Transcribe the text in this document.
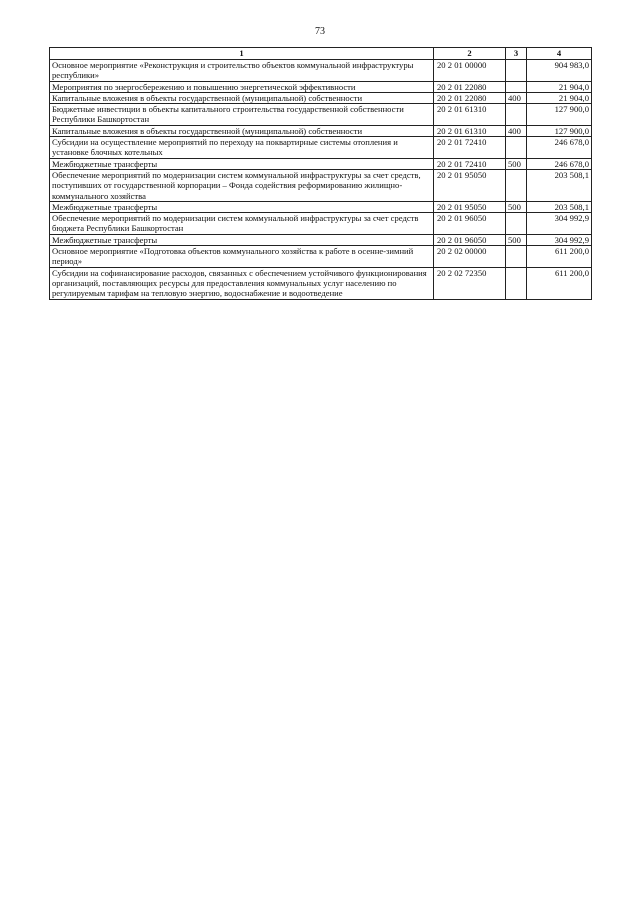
73
1	2	3	4
Основное мероприятие «Реконструкция и строительство объектов коммунальной инфраструктуры республики»	20 2 01 00000		904 983,0
Мероприятия по энергосбережению и повышению энергетической эффективности	20 2 01 22080		21 904,0
Капитальные вложения в объекты государственной (муниципальной) собственности	20 2 01 22080	400	21 904,0
Бюджетные инвестиции в объекты капитального строительства государственной собственности Республики Башкортостан	20 2 01 61310		127 900,0
Капитальные вложения в объекты государственной (муниципальной) собственности	20 2 01 61310	400	127 900,0
Субсидии на осуществление мероприятий по переходу на поквартирные системы отопления и установке блочных котельных	20 2 01 72410		246 678,0
Межбюджетные трансферты	20 2 01 72410	500	246 678,0
Обеспечение мероприятий по модернизации систем коммунальной инфраструктуры за счет средств, поступивших от государственной корпорации – Фонда содействия реформированию жилищно-коммунального хозяйства	20 2 01 95050		203 508,1
Межбюджетные трансферты	20 2 01 95050	500	203 508,1
Обеспечение мероприятий по модернизации систем коммунальной инфраструктуры за счет средств бюджета Республики Башкортостан	20 2 01 96050		304 992,9
Межбюджетные трансферты	20 2 01 96050	500	304 992,9
Основное мероприятие «Подготовка объектов коммунального хозяйства к работе в осенне-зимний период»	20 2 02 00000		611 200,0
Субсидии на софинансирование расходов, связанных с обеспечением устойчивого функционирования организаций, поставляющих ресурсы для предоставления коммунальных услуг населению по регулируемым тарифам на тепловую энергию, водоснабжение и водоотведение	20 2 02 72350		611 200,0
